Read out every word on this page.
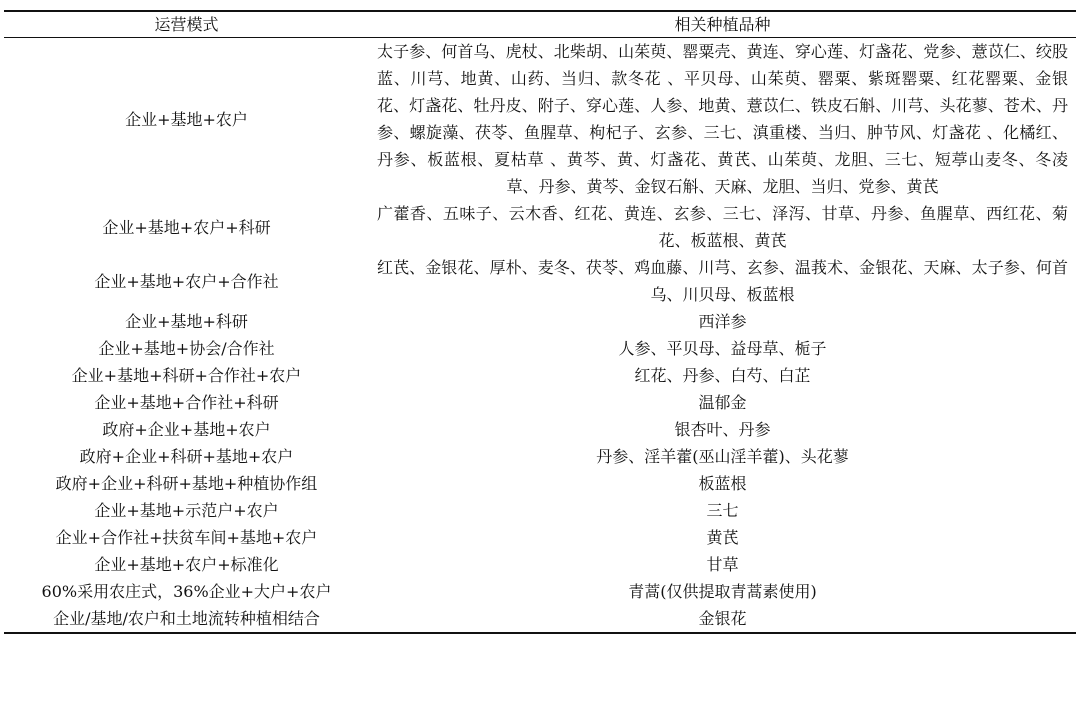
运营模式	相关种植品种
企业+基地+农户	太子参、何首乌、虎杖、北柴胡、山茱萸、罂粟壳、黄连、穿心莲、灯盏花、党参、薏苡仁、绞股蓝、川芎、地黄、山药、当归、款冬花 、平贝母、山茱萸、罂粟、紫斑罂粟、红花罂粟、金银花、灯盏花、牡丹皮、附子、穿心莲、人参、地黄、薏苡仁、铁皮石斛、川芎、头花蓼、苍术、丹参、螺旋藻、茯苓、鱼腥草、枸杞子、玄参、三七、滇重楼、当归、肿节风、灯盏花 、化橘红、丹参、板蓝根、夏枯草 、黄芩、黄、灯盏花、黄芪、山茱萸、龙胆、三七、短葶山麦冬、冬凌草、丹参、黄芩、金钗石斛、天麻、龙胆、当归、党参、黄芪
企业+基地+农户+科研	广藿香、五味子、云木香、红花、黄连、玄参、三七、泽泻、甘草、丹参、鱼腥草、西红花、菊花、板蓝根、黄芪
企业+基地+农户+合作社	红芪、金银花、厚朴、麦冬、茯苓、鸡血藤、川芎、玄参、温莪术、金银花、天麻、太子参、何首乌、川贝母、板蓝根
企业+基地+科研	西洋参
企业+基地+协会/合作社	人参、平贝母、益母草、栀子
企业+基地+科研+合作社+农户	红花、丹参、白芍、白芷
企业+基地+合作社+科研	温郁金
政府+企业+基地+农户	银杏叶、丹参
政府+企业+科研+基地+农户	丹参、淫羊藿(巫山淫羊藿)、头花蓼
政府+企业+科研+基地+种植协作组	板蓝根
企业+基地+示范户+农户	三七
企业+合作社+扶贫车间+基地+农户	黄芪
企业+基地+农户+标准化	甘草
60%采用农庄式，36%企业+大户+农户	青蒿(仅供提取青蒿素使用)
企业/基地/农户和土地流转种植相结合	金银花
